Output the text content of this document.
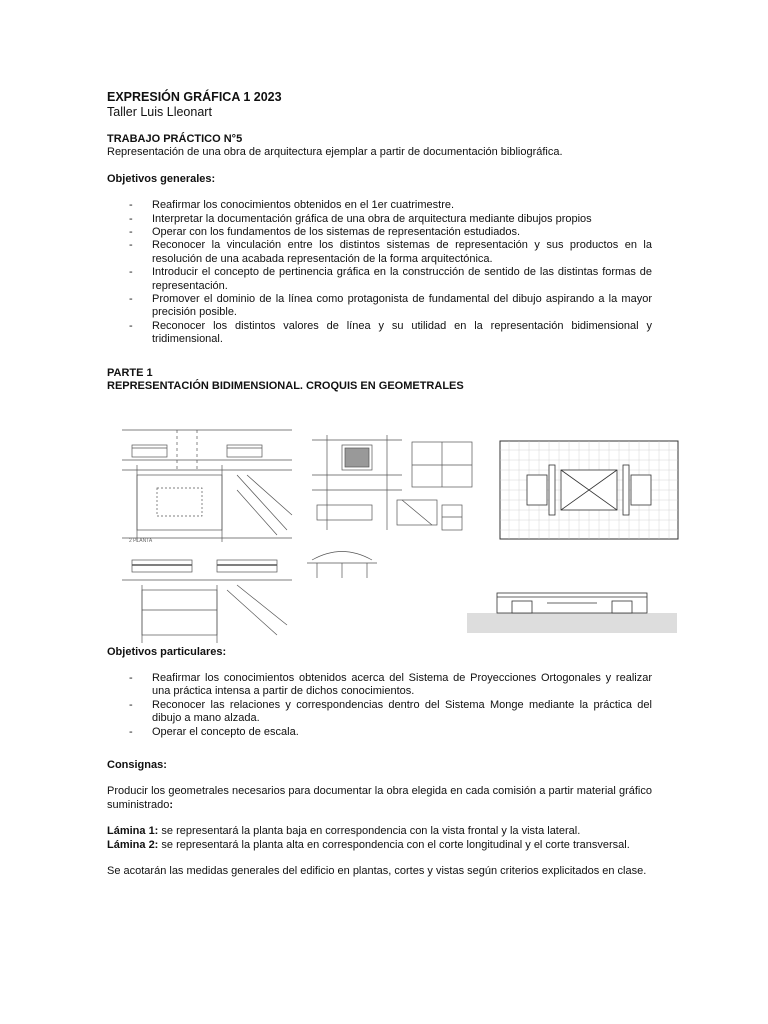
EXPRESIÓN GRÁFICA 1 2023
Taller Luis Lleonart
TRABAJO PRÁCTICO N°5
Representación de una obra de arquitectura ejemplar a partir de documentación bibliográfica.
Objetivos generales:
- Reafirmar los conocimientos obtenidos en el 1er cuatrimestre.
- Interpretar la documentación gráfica de una obra de arquitectura mediante dibujos propios
- Operar con los fundamentos de los sistemas de representación estudiados.
- Reconocer la vinculación entre los distintos sistemas de representación y sus productos en la resolución de una acabada representación de la forma arquitectónica.
- Introducir el concepto de pertinencia gráfica en la construcción de sentido de las distintas formas de representación.
- Promover el dominio de la línea como protagonista de fundamental del dibujo aspirando a la mayor precisión posible.
- Reconocer los distintos valores de línea y su utilidad en la representación bidimensional y tridimensional.
PARTE 1
REPRESENTACIÓN BIDIMENSIONAL. CROQUIS EN GEOMETRALES
Objetivos particulares:
- Reafirmar los conocimientos obtenidos acerca del Sistema de Proyecciones Ortogonales y realizar una práctica intensa a partir de dichos conocimientos.
- Reconocer las relaciones y correspondencias dentro del Sistema Monge mediante la práctica del dibujo a mano alzada.
- Operar el concepto de escala.
Consignas:

Producir los geometrales necesarios para documentar la obra elegida en cada comisión a partir material gráfico suministrado:

Lámina 1: se representará la planta baja en correspondencia con la vista frontal y la vista lateral.
Lámina 2: se representará la planta alta en correspondencia con el corte longitudinal y el corte transversal.

Se acotarán las medidas generales del edificio en plantas, cortes y vistas según criterios explicitados en clase.

2 PLANTA
